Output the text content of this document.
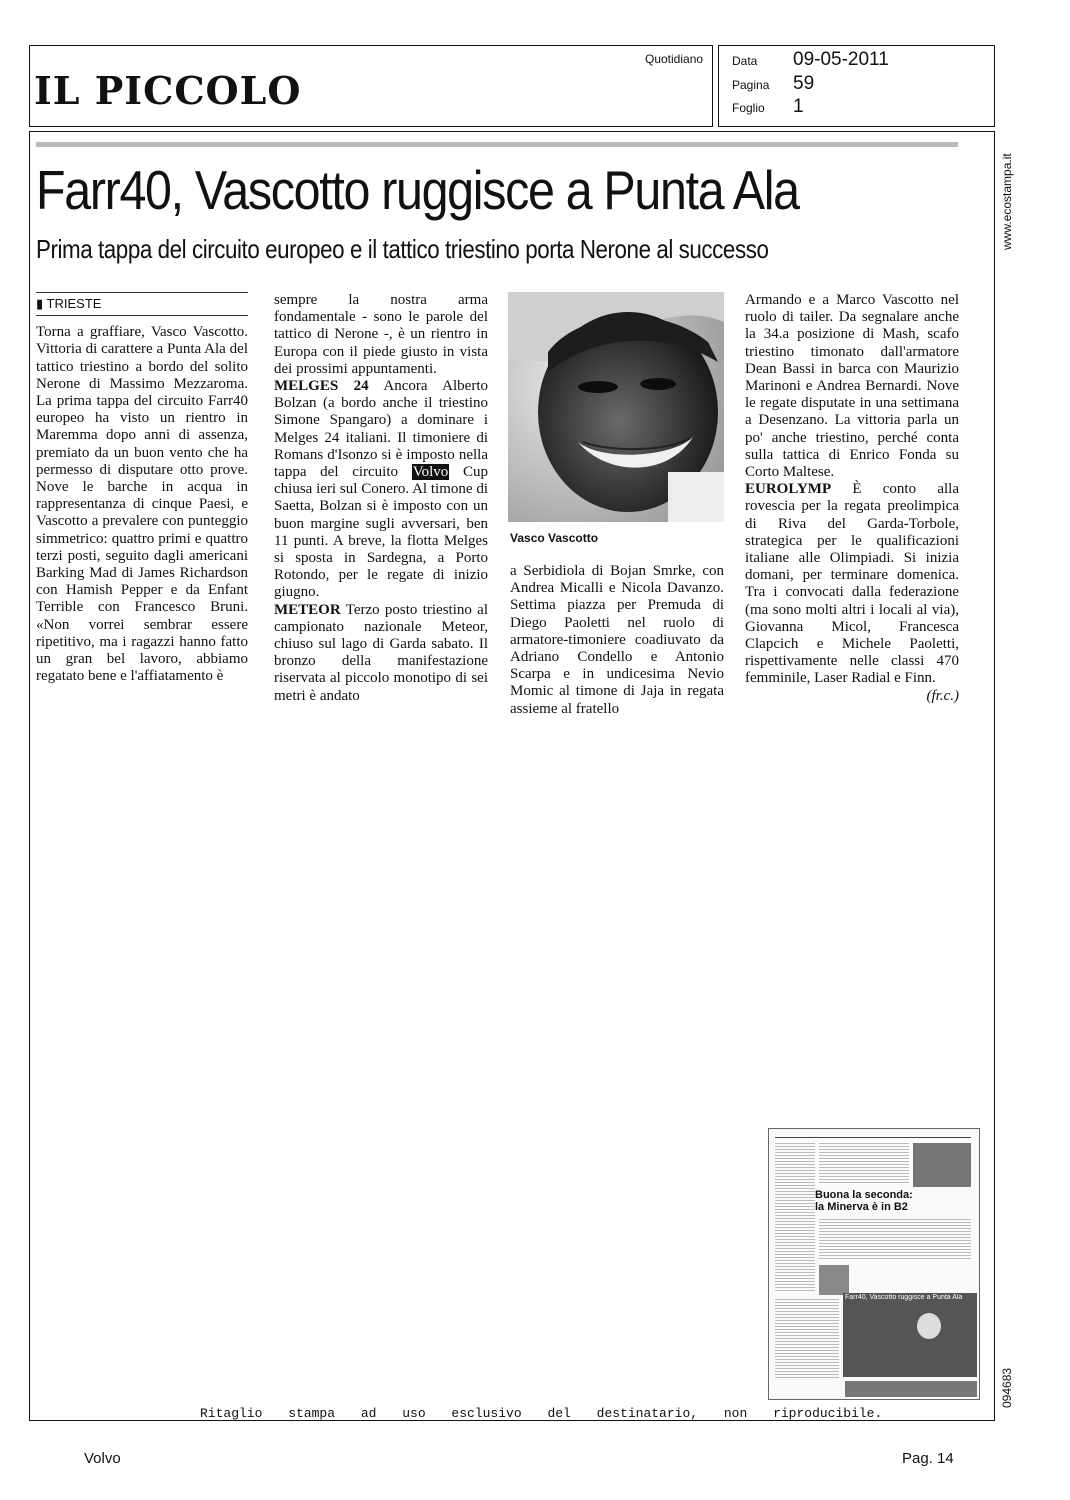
IL PICCOLO
Quotidiano Data 09-05-2011
Pagina 59
Foglio 1
Farr40, Vascotto ruggisce a Punta Ala
Prima tappa del circuito europeo e il tattico triestino porta Nerone al successo
▮ TRIESTE

Torna a graffiare, Vasco Vascotto. Vittoria di carattere a Punta Ala del tattico triestino a bordo del solito Nerone di Massimo Mezzaroma. La prima tappa del circuito Farr40 europeo ha visto un rientro in Maremma dopo anni di assenza, premiato da un buon vento che ha permesso di disputare otto prove. Nove le barche in acqua in rappresentanza di cinque Paesi, e Vascotto a prevalere con punteggio simmetrico: quattro primi e quattro terzi posti, seguito dagli americani Barking Mad di James Richardson con Hamish Pepper e da Enfant Terrible con Francesco Bruni. «Non vorrei sembrar essere ripetitivo, ma i ragazzi hanno fatto un gran bel lavoro, abbiamo regatato bene e l'affiatamento è

sempre la nostra arma fondamentale - sono le parole del tattico di Nerone -, è un rientro in Europa con il piede giusto in vista dei prossimi appuntamenti.
MELGES 24 Ancora Alberto Bolzan (a bordo anche il triestino Simone Spangaro) a dominare i Melges 24 italiani. Il timoniere di Romans d'Isonzo si è imposto nella tappa del circuito Volvo Cup chiusa ieri sul Conero. Al timone di Saetta, Bolzan si è imposto con un buon margine sugli avversari, ben 11 punti. A breve, la flotta Melges si sposta in Sardegna, a Porto Rotondo, per le regate di inizio giugno.
METEOR Terzo posto triestino al campionato nazionale Meteor, chiuso sul lago di Garda sabato. Il bronzo della manifestazione riservata al piccolo monotipo di sei metri è andato

Vasco Vascotto

a Serbidiola di Bojan Smrke, con Andrea Micalli e Nicola Davanzo. Settima piazza per Premuda di Diego Paoletti nel ruolo di armatore-timoniere coadiuvato da Adriano Condello e Antonio Scarpa e in undicesima Nevio Momic al timone di Jaja in regata assieme al fratello

Armando e a Marco Vascotto nel ruolo di tailer. Da segnalare anche la 34.a posizione di Mash, scafo triestino timonato dall'armatore Dean Bassi in barca con Maurizio Marinoni e Andrea Bernardi. Nove le regate disputate in una settimana a Desenzano. La vittoria parla un po' anche triestino, perché conta sulla tattica di Enrico Fonda su Corto Maltese.
EUROLYMP È conto alla rovescia per la regata preolimpica di Riva del Garda-Torbole, strategica per le qualificazioni italiane alle Olimpiadi. Si inizia domani, per terminare domenica. Tra i convocati dalla federazione (ma sono molti altri i locali al via), Giovanna Micol, Francesca Clapcich e Michele Paoletti, rispettivamente nelle classi 470 femminile, Laser Radial e Finn.
(fr.c.)

Buona la seconda:
la Minerva è in B2
Farr40, Vascotto ruggisce a Punta Ala
www.ecostampa.it
094683
Ritaglio stampa ad uso esclusivo del destinatario, non riproducibile.
Volvo	Pag. 14
